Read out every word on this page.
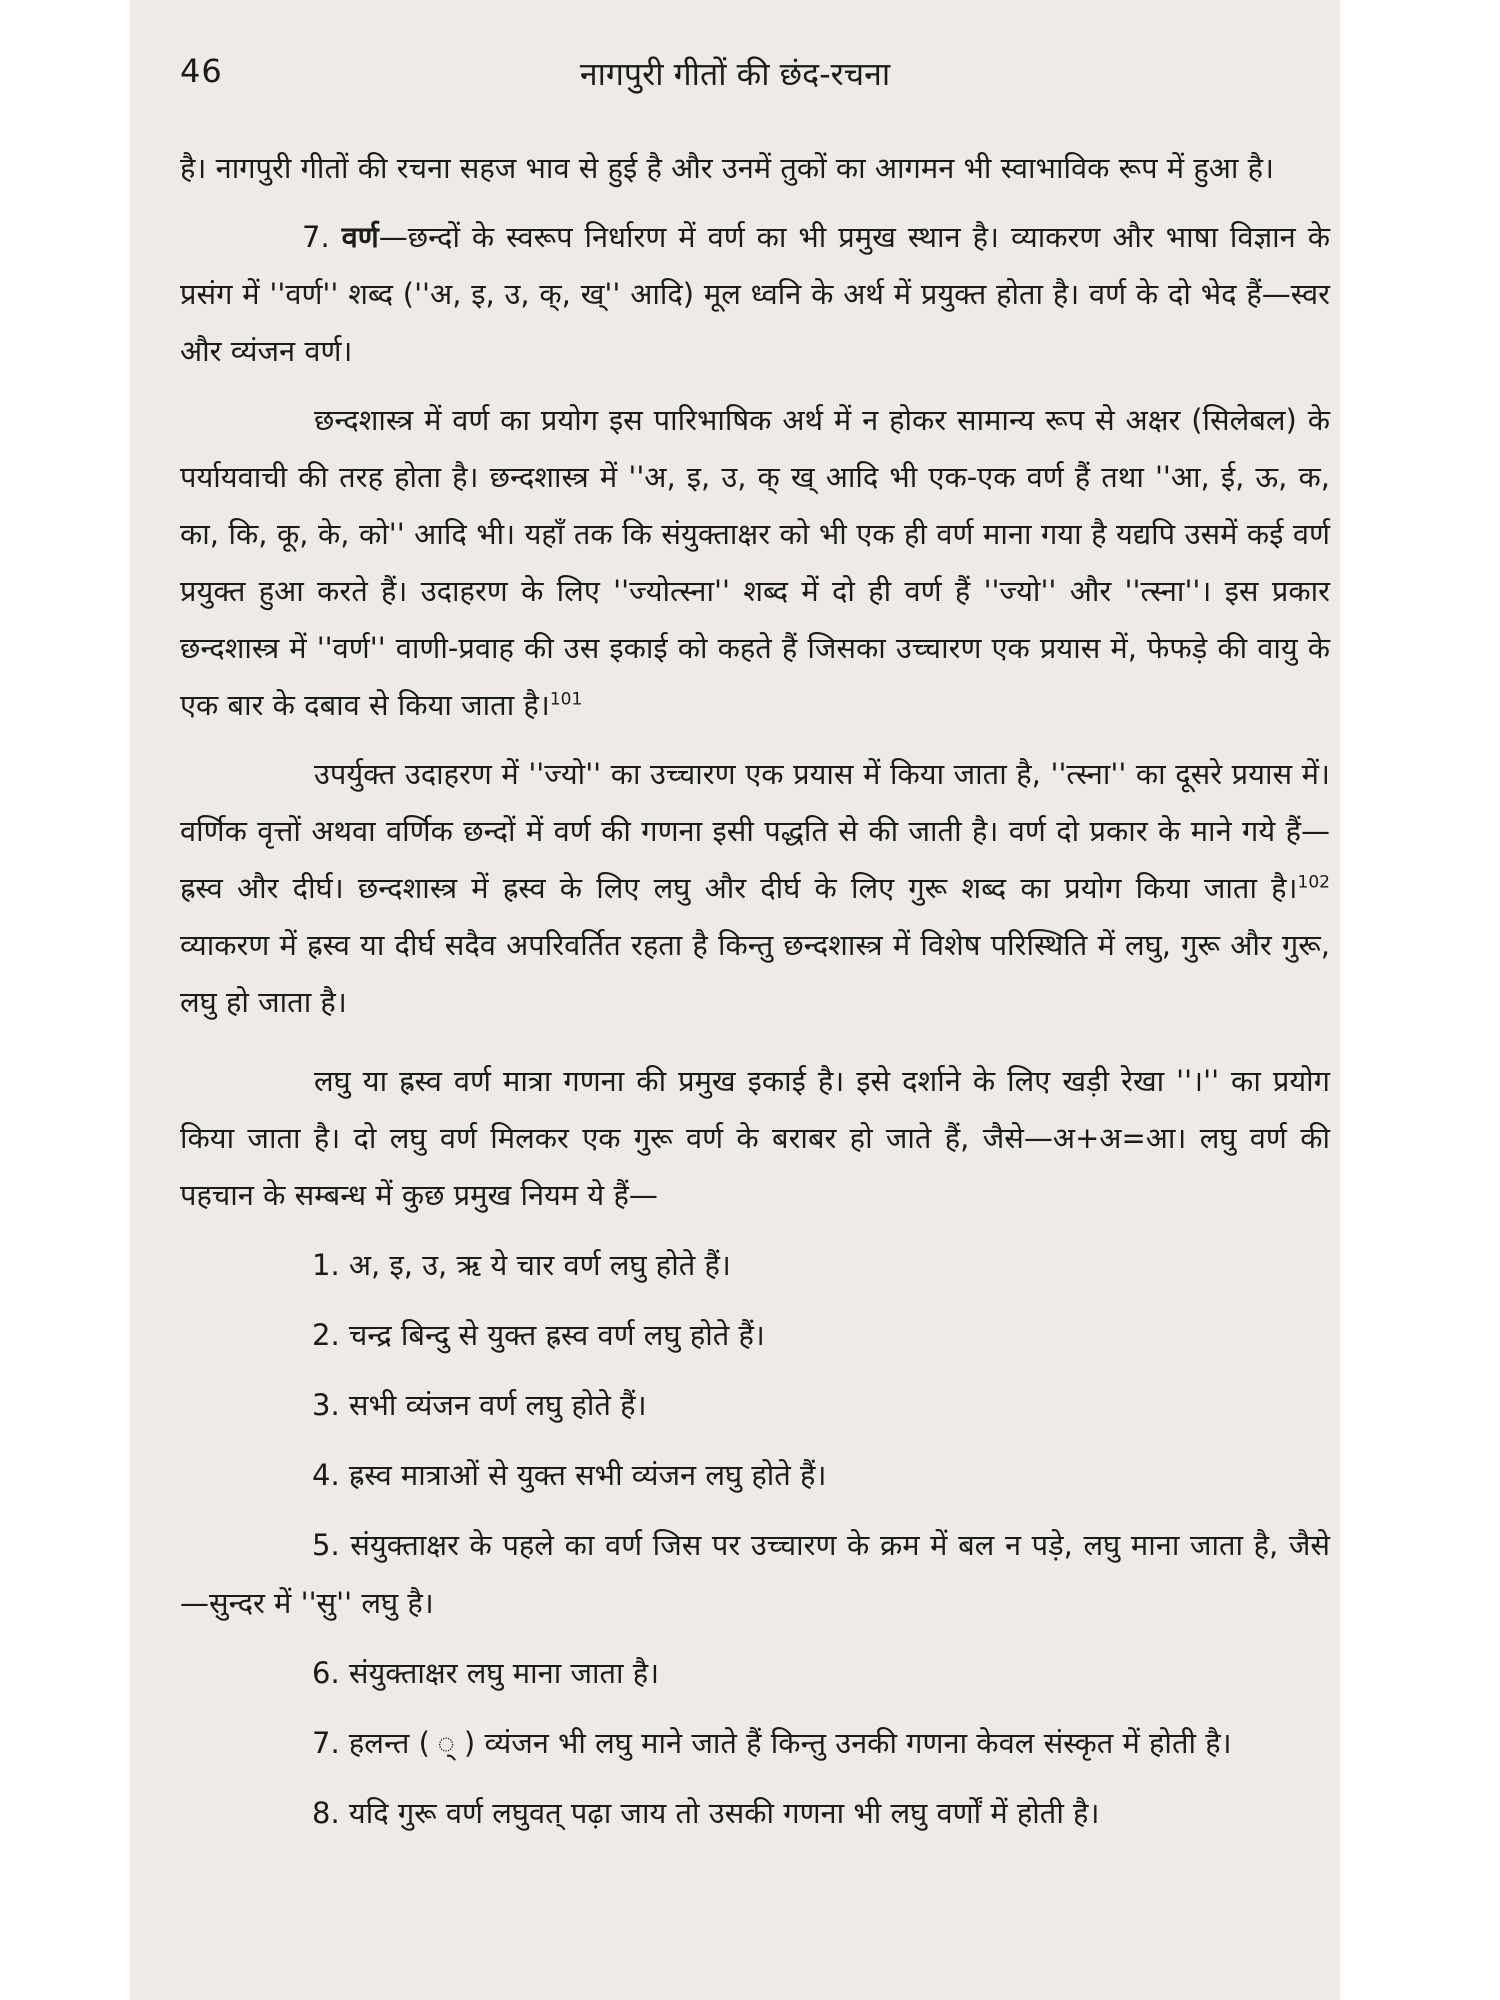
46	नागपुरी गीतों की छंद-रचना

है। नागपुरी गीतों की रचना सहज भाव से हुई है और उनमें तुकों का आगमन भी स्वाभाविक रूप में हुआ है।

7. वर्ण—छन्दों के स्वरूप निर्धारण में वर्ण का भी प्रमुख स्थान है। व्याकरण और भाषा विज्ञान के प्रसंग में ''वर्ण'' शब्द (''अ, इ, उ, क्, ख्'' आदि) मूल ध्वनि के अर्थ में प्रयुक्त होता है। वर्ण के दो भेद हैं—स्वर और व्यंजन वर्ण।

छन्दशास्त्र में वर्ण का प्रयोग इस पारिभाषिक अर्थ में न होकर सामान्य रूप से अक्षर (सिलेबल) के पर्यायवाची की तरह होता है। छन्दशास्त्र में ''अ, इ, उ, क् ख् आदि भी एक-एक वर्ण हैं तथा ''आ, ई, ऊ, क, का, कि, कू, के, को'' आदि भी। यहाँ तक कि संयुक्ताक्षर को भी एक ही वर्ण माना गया है यद्यपि उसमें कई वर्ण प्रयुक्त हुआ करते हैं। उदाहरण के लिए ''ज्योत्स्ना'' शब्द में दो ही वर्ण हैं ''ज्यो'' और ''त्स्ना''। इस प्रकार छन्दशास्त्र में ''वर्ण'' वाणी-प्रवाह की उस इकाई को कहते हैं जिसका उच्चारण एक प्रयास में, फेफड़े की वायु के एक बार के दबाव से किया जाता है।$^{101}$

उपर्युक्त उदाहरण में ''ज्यो'' का उच्चारण एक प्रयास में किया जाता है, ''त्स्ना'' का दूसरे प्रयास में। वर्णिक वृत्तों अथवा वर्णिक छन्दों में वर्ण की गणना इसी पद्धति से की जाती है। वर्ण दो प्रकार के माने गये हैं—ह्रस्व और दीर्घ। छन्दशास्त्र में ह्रस्व के लिए लघु और दीर्घ के लिए गुरू शब्द का प्रयोग किया जाता है।$^{102}$ व्याकरण में ह्रस्व या दीर्घ सदैव अपरिवर्तित रहता है किन्तु छन्दशास्त्र में विशेष परिस्थिति में लघु, गुरू और गुरू, लघु हो जाता है।

लघु या ह्रस्व वर्ण मात्रा गणना की प्रमुख इकाई है। इसे दर्शाने के लिए खड़ी रेखा ''।'' का प्रयोग किया जाता है। दो लघु वर्ण मिलकर एक गुरू वर्ण के बराबर हो जाते हैं, जैसे—अ+अ=आ। लघु वर्ण की पहचान के सम्बन्ध में कुछ प्रमुख नियम ये हैं—

1. अ, इ, उ, ऋ ये चार वर्ण लघु होते हैं।

2. चन्द्र बिन्दु से युक्त ह्रस्व वर्ण लघु होते हैं।

3. सभी व्यंजन वर्ण लघु होते हैं।

4. ह्रस्व मात्राओं से युक्त सभी व्यंजन लघु होते हैं।

5. संयुक्ताक्षर के पहले का वर्ण जिस पर उच्चारण के क्रम में बल न पड़े, लघु माना जाता है, जैसे—सुन्दर में ''सु'' लघु है।

6. संयुक्ताक्षर लघु माना जाता है।

7. हलन्त ( ् ) व्यंजन भी लघु माने जाते हैं किन्तु उनकी गणना केवल संस्कृत में होती है।

8. यदि गुरू वर्ण लघुवत् पढ़ा जाय तो उसकी गणना भी लघु वर्णों में होती है।
